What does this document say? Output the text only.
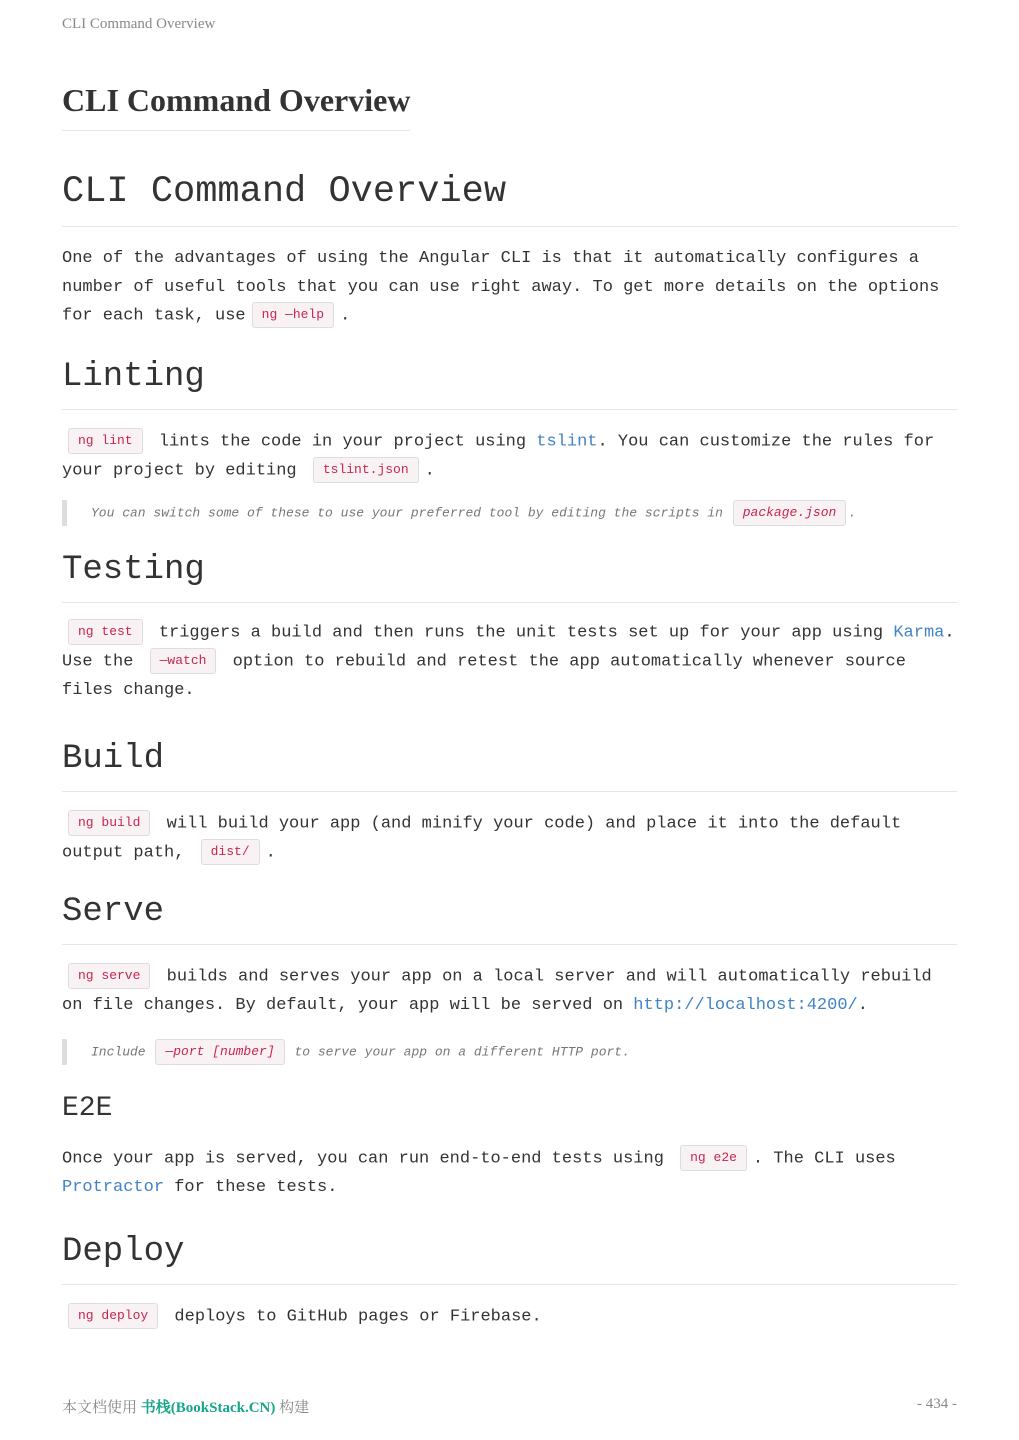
CLI Command Overview
CLI Command Overview
CLI Command Overview

One of the advantages of using the Angular CLI is that it automatically configures a number of useful tools that you can use right away. To get more details on the options for each task, use ng —help .

Linting

ng lint lints the code in your project using tslint. You can customize the rules for your project by editing tslint.json .

You can switch some of these to use your preferred tool by editing the scripts in package.json .
Testing

ng test triggers a build and then runs the unit tests set up for your app using Karma. Use the —watch option to rebuild and retest the app automatically whenever source files change.

Build

ng build will build your app (and minify your code) and place it into the default output path, dist/ .

Serve

ng serve builds and serves your app on a local server and will automatically rebuild on file changes. By default, your app will be served on http://localhost:4200/.

Include —port [number] to serve your app on a different HTTP port.
E2E

Once your app is served, you can run end-to-end tests using ng e2e . The CLI uses Protractor for these tests.

Deploy

ng deploy deploys to GitHub pages or Firebase.

本文档使用 书栈(BookStack.CN) 构建	- 434 -
